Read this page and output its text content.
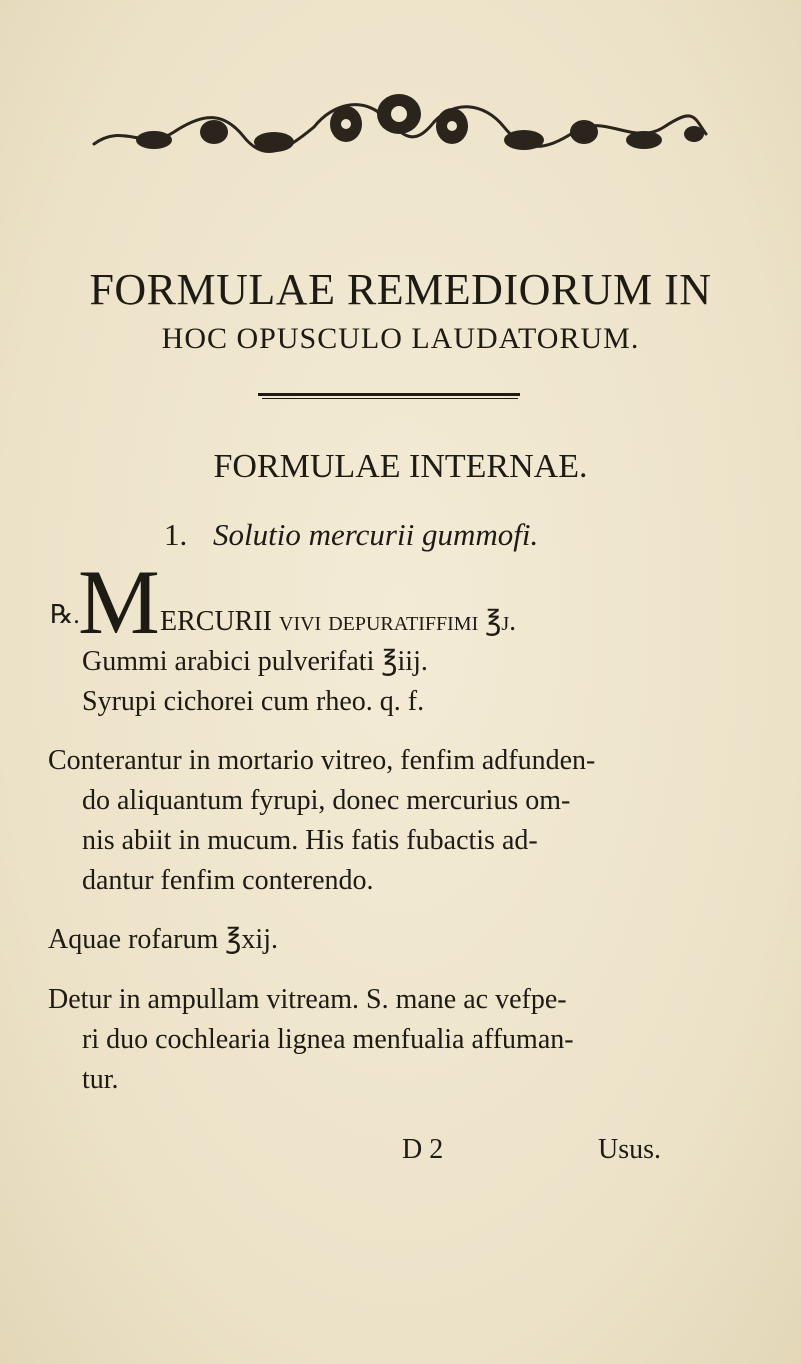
FORMULAE REMEDIORUM IN
HOC OPUSCULO LAUDATORUM.
FORMULAE INTERNAE.
1. Solutio mercurii gummofi.
℞.
M ERCURII vivi depuratiffimi ℥j.
Gummi arabici pulverifati ℥iij.
Syrupi cichorei cum rheo. q. f.
Conterantur in mortario vitreo, fenfim adfunden-
do aliquantum fyrupi, donec mercurius om-
nis abiit in mucum. His fatis fubactis ad-
dantur fenfim conterendo.
Aquae rofarum ℥xij.
Detur in ampullam vitream. S. mane ac vefpe-
ri duo cochlearia lignea menfualia affuman-
tur.
D 2	Usus.
